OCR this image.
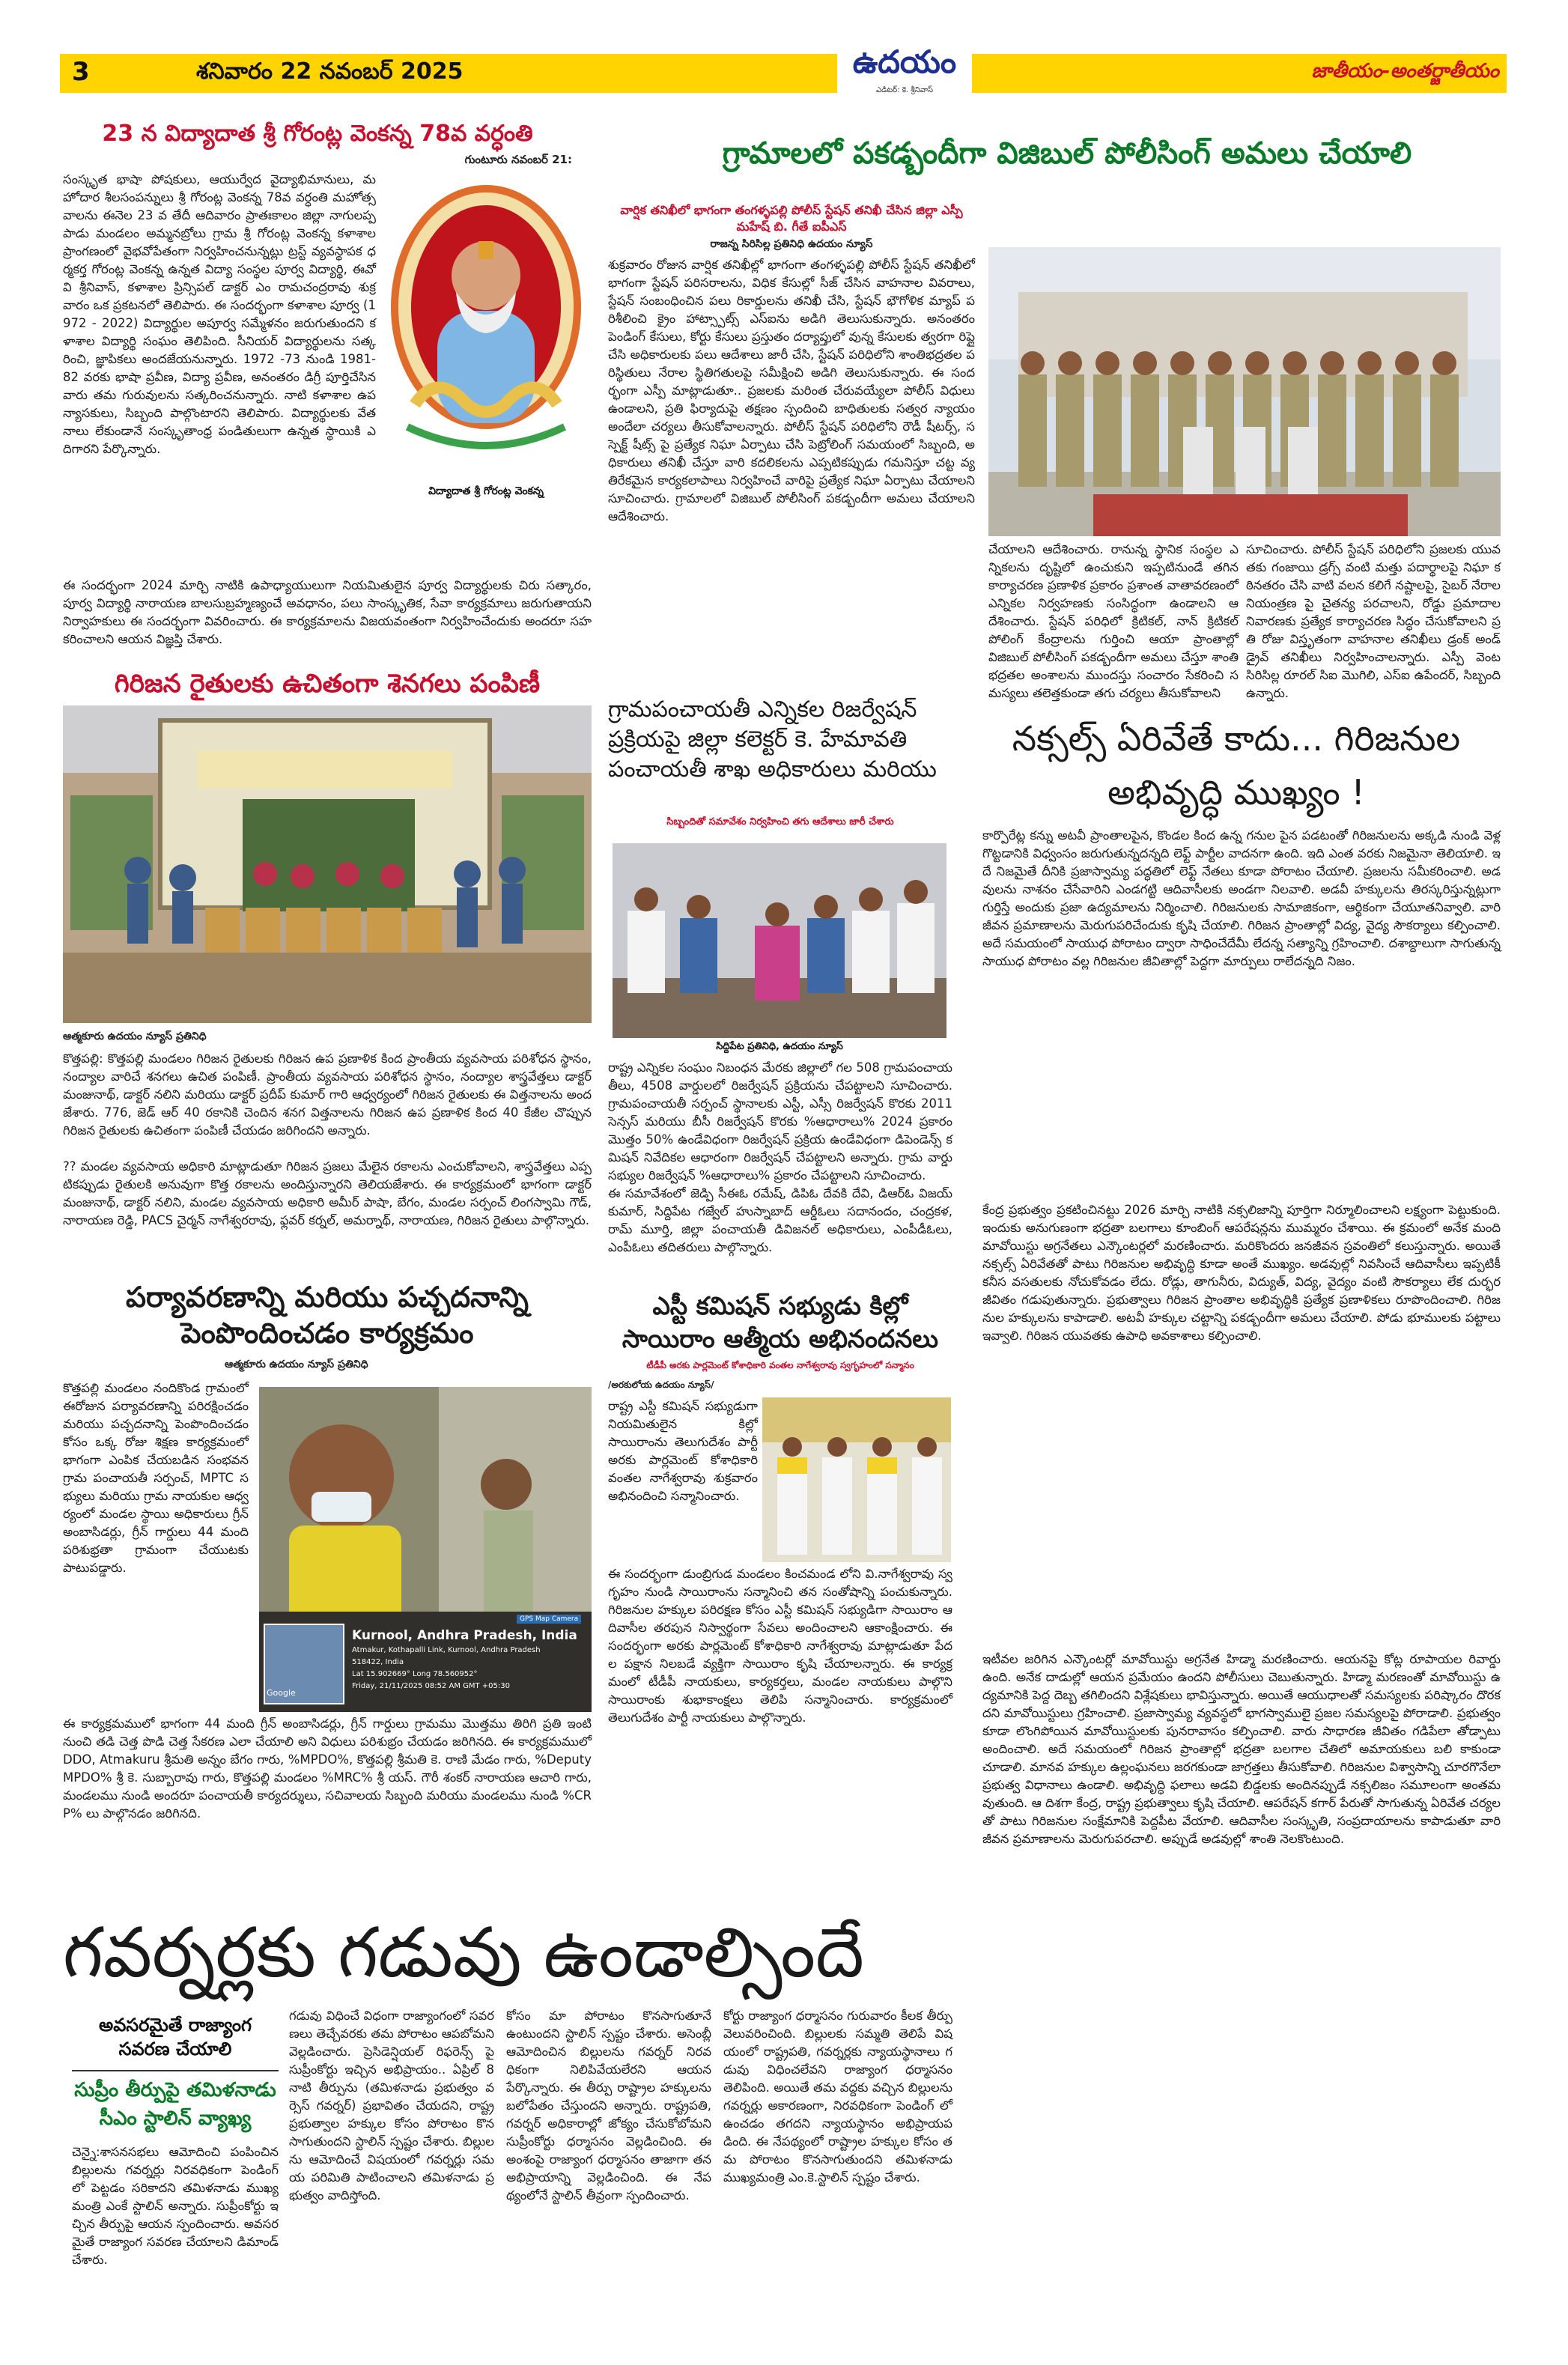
3	శనివారం 22 నవంబర్ 2025	ఉదయం
ఎడిటర్: కె. శ్రీనివాస్
జాతీయం-అంతర్జాతీయం
23 న విద్యాదాత శ్రీ గోరంట్ల వెంకన్న 78వ వర్ధంతి
గుంటూరు నవంబర్ 21:
సంస్కృత భాషా పోషకులు, ఆయుర్వేద వైద్యాభిమానులు, మహోదార శీలసంపన్నులు శ్రీ గోరంట్ల వెంకన్న 78వ వర్ధంతి మహోత్సవాలను ఈనెల 23 వ తేదీ ఆదివారం ప్రాతఃకాలం జిల్లా నాగులప్పపాడు మండలం అమ్మనబ్రోలు గ్రామ శ్రీ గోరంట్ల వెంకన్న కళాశాల ప్రాంగణంలో వైభవోపేతంగా నిర్వహించనున్నట్లు ట్రస్ట్ వ్యవస్థాపక ధర్మకర్త గోరంట్ల వెంకన్న ఉన్నత విద్యా సంస్థల పూర్వ విద్యార్థి, ఈవో వి శ్రీనివాస్, కళాశాల ప్రిన్సిపల్ డాక్టర్ ఎం రామచంద్రరావు శుక్రవారం ఒక ప్రకటనలో తెలిపారు. ఈ సందర్భంగా కళాశాల పూర్వ (1972 - 2022) విద్యార్థుల అపూర్వ సమ్మేళనం జరుగుతుందని కళాశాల విద్యార్థి సంఘం తెలిపింది. సీనియర్ విద్యార్థులను సత్కరించి, జ్ఞాపికలు అందజేయనున్నారు. 1972 -73 నుండి 1981- 82 వరకు భాషా ప్రవీణ, విద్యా ప్రవీణ, అనంతరం డిగ్రీ పూర్తిచేసిన వారు తమ గురువులను సత్కరించనున్నారు. నాటి కళాశాల ఉపన్యాసకులు, సిబ్బంది పాల్గొంటారని తెలిపారు. విద్యార్థులకు వేతనాలు లేకుండానే సంస్కృతాంధ్ర పండితులుగా ఉన్నత స్థాయికి ఎదిగారని పేర్కొన్నారు.
విద్యాదాత శ్రీ గోరంట్ల వెంకన్న
ఈ సందర్భంగా 2024 మార్చి నాటికి ఉపాధ్యాయులుగా నియమితులైన పూర్వ విద్యార్థులకు చిరు సత్కారం, పూర్వ విద్యార్థి నారాయణ బాలసుబ్రహ్మణ్యంచే అవధానం, పలు సాంస్కృతిక, సేవా కార్యక్రమాలు జరుగుతాయని నిర్వాహకులు ఈ సందర్భంగా వివరించారు. ఈ కార్యక్రమాలను విజయవంతంగా నిర్వహించేందుకు అందరూ సహకరించాలని ఆయన విజ్ఞప్తి చేశారు.
గిరిజన రైతులకు ఉచితంగా శెనగలు పంపిణీ
ఆత్మకూరు ఉదయం న్యూస్ ప్రతినిధి
కొత్తపల్లి: కొత్తపల్లి మండలం గిరిజన రైతులకు గిరిజన ఉప ప్రణాళిక కింద ప్రాంతీయ వ్యవసాయ పరిశోధన స్థానం, నంద్యాల వారిచే శనగలు ఉచిత పంపిణీ. ప్రాంతీయ వ్యవసాయ పరిశోధన స్థానం, నంద్యాల శాస్త్రవేత్తలు డాక్టర్ మంజునాథ్, డాక్టర్ నలిని మరియు డాక్టర్ ప్రదీప్ కుమార్ గారి ఆధ్వర్యంలో గిరిజన రైతులకు ఈ విత్తనాలను అందజేశారు. 776, జెడ్ ఆర్ 40 రకానికి చెందిన శనగ విత్తనాలను గిరిజన ఉప ప్రణాళిక కింద 40 కేజీల చొప్పున గిరిజన రైతులకు ఉచితంగా పంపిణీ చేయడం జరిగిందని అన్నారు.
?? మండల వ్యవసాయ అధికారి మాట్లాడుతూ గిరిజన ప్రజలు మేలైన రకాలను ఎంచుకోవాలని, శాస్త్రవేత్తలు ఎప్పటికప్పుడు రైతులకి అనువుగా కొత్త రకాలను అందిస్తున్నారని తెలియజేశారు. ఈ కార్యక్రమంలో భాగంగా డాక్టర్ మంజునాథ్, డాక్టర్ నలిని, మండల వ్యవసాయ అధికారి అమీర్ పాషా, బేగం, మండల సర్పంచ్ లింగస్వామి గౌడ్, నారాయణ రెడ్డి, PACS చైర్మన్ నాగేశ్వరరావు, ఫ్లవర్ కర్నల్, అమర్నాథ్, నారాయణ, గిరిజన రైతులు పాల్గొన్నారు.
పర్యావరణాన్ని మరియు పచ్చదనాన్ని పెంపొందించడం కార్యక్రమం
ఆత్మకూరు ఉదయం న్యూస్ ప్రతినిధి
కొత్తపల్లి మండలం నందికొండ గ్రామంలో ఈరోజున పర్యావరణాన్ని పరిరక్షించడం మరియు పచ్చదనాన్ని పెంపొందించడం కోసం ఒక్క రోజు శిక్షణ కార్యక్రమంలో భాగంగా ఎంపిక చేయబడిన సంభవన గ్రామ పంచాయతీ సర్పంచ్, MPTC సభ్యులు మరియు గ్రామ నాయకుల ఆధ్వర్యంలో మండల స్థాయి అధికారులు గ్రీన్ అంబాసిడర్లు, గ్రీన్ గార్డులు 44 మంది పరిశుభ్రతా గ్రామంగా చేయుటకు పాటుపడ్డారు.
GPS Map Camera
Google
Kurnool, Andhra Pradesh, India
Atmakur, Kothapalli Link, Kurnool, Andhra Pradesh
518422, India
Lat 15.902669° Long 78.560952°
Friday, 21/11/2025 08:52 AM GMT +05:30
ఈ కార్యక్రమములో భాగంగా 44 మంది గ్రీన్ అంబాసిడర్లు, గ్రీన్ గార్డులు గ్రామము మొత్తము తిరిగి ప్రతి ఇంటి నుంచి తడి చెత్త పొడి చెత్త సేకరణ ఎలా చేయాలి అని విధులు పరిశుభ్రం చేయడం జరిగినది. ఈ కార్యక్రమములో DDO, Atmakuru శ్రీమతి అన్నం బేగం గారు, %MPDO%, కొత్తపల్లి శ్రీమతి కె. రాణి మేడం గారు, %Deputy MPDO% శ్రీ కె. సుబ్బారావు గారు, కొత్తపల్లి మండలం %MRC% శ్రీ యస్. గౌరీ శంకర్ నారాయణ ఆచారి గారు, మండలము నుండి అందరూ పంచాయతీ కార్యదర్శులు, సచివాలయ సిబ్బంది మరియు మండలము నుండి %CRP% లు పాల్గొనడం జరిగినది.
గ్రామాలలో పకడ్బందీగా విజిబుల్ పోలీసింగ్ అమలు చేయాలి
వార్షిక తనిఖీలో భాగంగా తంగళ్ళపల్లి పోలీస్ స్టేషన్ తనిఖీ చేసిన జిల్లా ఎస్పీ మహేష్ బి. గీతే ఐపీఎస్
రాజన్న సిరిసిల్ల ప్రతినిధి ఉదయం న్యూస్
శుక్రవారం రోజున వార్షిక తనిఖీల్లో భాగంగా తంగళ్ళపల్లి పోలీస్ స్టేషన్ తనిఖీలో భాగంగా స్టేషన్ పరిసరాలను, విధిక కేసుల్లో సీజ్ చేసిన వాహనాల వివరాలు, స్టేషన్ సంబంధించిన పలు రికార్డులను తనిఖీ చేసి, స్టేషన్ భౌగోళిక మ్యాప్ పరిశీలించి క్రైం హాట్స్పాట్స్ ఎస్ఐను అడిగి తెలుసుకున్నారు. అనంతరం పెండింగ్ కేసులు, కోర్టు కేసులు ప్రస్తుతం దర్యాప్తులో వున్న కేసులకు త్వరగా రిప్లై చేసి అధికారులకు పలు ఆదేశాలు జారీ చేసి, స్టేషన్ పరిధిలోని శాంతిభద్రతల పరిస్థితులు నేరాల స్థితిగతులపై సమీక్షించి అడిగి తెలుసుకున్నారు. ఈ సందర్భంగా ఎస్పీ మాట్లాడుతూ.. ప్రజలకు మరింత చేరువయ్యేలా పోలీస్ విధులు ఉండాలని, ప్రతి ఫిర్యాదుపై తక్షణం స్పందించి బాధితులకు సత్వర న్యాయం అందేలా చర్యలు తీసుకోవాలన్నారు. పోలీస్ స్టేషన్ పరిధిలోని రౌడీ షీటర్స్, సస్పెక్ట్ షీట్స్ పై ప్రత్యేక నిఘా ఏర్పాటు చేసి పెట్రోలింగ్ సమయంలో సిబ్బంది, అధికారులు తనిఖీ చేస్తూ వారి కదలికలను ఎప్పటికప్పుడు గమనిస్తూ చట్ట వ్యతిరేకమైన కార్యకలాపాలు నిర్వహించే వారిపై ప్రత్యేక నిఘా ఏర్పాటు చేయాలని సూచించారు. గ్రామాలలో విజిబుల్ పోలీసింగ్ పకడ్బందీగా అమలు చేయాలని ఆదేశించారు.
చేయాలని ఆదేశించారు. రానున్న స్థానిక సంస్థల ఎన్నికలను దృష్టిలో ఉంచుకుని ఇప్పటినుండే తగిన కార్యాచరణ ప్రణాళిక ప్రకారం ప్రశాంత వాతావరణంలో ఎన్నికల నిర్వహణకు సంసిద్ధంగా ఉండాలని ఆదేశించారు. స్టేషన్ పరిధిలో క్రిటికల్, నాన్ క్రిటికల్ పోలింగ్ కేంద్రాలను గుర్తించి ఆయా ప్రాంతాల్లో విజిబుల్ పోలీసింగ్ పకడ్బందీగా అమలు చేస్తూ శాంతి భద్రతల అంశాలను ముందస్తు సంచారం సేకరించి సమస్యలు తలెత్తకుండా తగు చర్యలు తీసుకోవాలని
సూచించారు. పోలీస్ స్టేషన్ పరిధిలోని ప్రజలకు యువతకు గంజాయి డ్రగ్స్ వంటి మత్తు పదార్థాలపై నిఘా కఠినతరం చేసి వాటి వలన కలిగే నష్టాలపై, సైబర్ నేరాల నియంత్రణ పై చైతన్య పరచాలని, రోడ్డు ప్రమాదాల నివారణకు ప్రత్యేక కార్యాచరణ సిద్ధం చేసుకోవాలని ప్రతి రోజు విస్తృతంగా వాహనాల తనిఖీలు డ్రంక్ అండ్ డ్రైవ్ తనిఖీలు నిర్వహించాలన్నారు. ఎస్పీ వెంట సిరిసిల్ల రూరల్ సిఐ మొగిలి, ఎస్ఐ ఉపేందర్, సిబ్బంది ఉన్నారు.
గ్రామపంచాయతీ ఎన్నికల రిజర్వేషన్ ప్రక్రియపై జిల్లా కలెక్టర్ కె. హేమావతి పంచాయతీ శాఖ అధికారులు మరియు
సిబ్బందితో సమావేశం నిర్వహించి తగు ఆదేశాలు జారీ చేశారు
సిద్దిపేట ప్రతినిధి, ఉదయం న్యూస్
రాష్ట్ర ఎన్నికల సంఘం నిబంధన మేరకు జిల్లాలో గల 508 గ్రామపంచాయతీలు, 4508 వార్డులలో రిజర్వేషన్ ప్రక్రియను చేపట్టాలని సూచించారు. గ్రామపంచాయతీ సర్పంచ్ స్థానాలకు ఎస్టీ, ఎస్సీ రిజర్వేషన్ కొరకు 2011 సెన్సస్ మరియు బీసీ రిజర్వేషన్ కొరకు %ఆధారాలు% 2024 ప్రకారం మొత్తం 50% ఉండేవిధంగా రిజర్వేషన్ ప్రక్రియ ఉండేవిధంగా డిపెండెన్స్ కమిషన్ నివేదికల ఆధారంగా రిజర్వేషన్ చేపట్టాలని అన్నారు. గ్రామ వార్డు సభ్యుల రిజర్వేషన్ %ఆధారాలు% ప్రకారం చేపట్టాలని సూచించారు.
ఈ సమావేశంలో జెడ్పి సీఈఓ రమేష్, డిపిఓ దేవకి దేవి, డిఆర్ఓ విజయ్ కుమార్, సిద్దిపేట గజ్వేల్ హుస్నాబాద్ ఆర్డీఓలు సదానందం, చంద్రకళ, రామ్ మూర్తి, జిల్లా పంచాయతీ డివిజనల్ అధికారులు, ఎంపీడీఓలు, ఎంపీఓలు తదితరులు పాల్గొన్నారు.
ఎస్టీ కమిషన్ సభ్యుడు కిల్లో సాయిరాం ఆత్మీయ అభినందనలు
టీడీపీ అరకు పార్లమెంట్ కోశాధికారి వంతల నాగేశ్వరావు స్వగృహంలో సన్మానం
/అరకులోయ ఉదయం న్యూస్/
రాష్ట్ర ఎస్టీ కమిషన్ సభ్యుడుగా నియమితులైన కిల్లో సాయిరాంను తెలుగుదేశం పార్టీ అరకు పార్లమెంట్ కోశాధికారి వంతల నాగేశ్వరావు శుక్రవారం అభినందించి సన్మానించారు.
ఈ సందర్భంగా డుంబ్రిగుడ మండలం కించమండ లోని వి.నాగేశ్వరావు స్వగృహం నుండి సాయిరాంను సన్మానించి తన సంతోషాన్ని పంచుకున్నారు. గిరిజనుల హక్కుల పరిరక్షణ కోసం ఎస్టీ కమిషన్ సభ్యుడిగా సాయిరాం ఆదివాసీల తరపున నిస్వార్థంగా సేవలు అందించాలని ఆకాంక్షించారు. ఈ సందర్భంగా అరకు పార్లమెంట్ కోశాధికారి నాగేశ్వరావు మాట్లాడుతూ పేదల పక్షాన నిలబడే వ్యక్తిగా సాయిరాం కృషి చేయాలన్నారు. ఈ కార్యక్రమంలో టీడీపీ నాయకులు, కార్యకర్తలు, మండల నాయకులు పాల్గొని సాయిరాంకు శుభాకాంక్షలు తెలిపి సన్మానించారు. కార్యక్రమంలో తెలుగుదేశం పార్టీ నాయకులు పాల్గొన్నారు.
నక్సల్స్ ఏరివేతే కాదు... గిరిజనుల అభివృద్ధి ముఖ్యం !
కార్పొరేట్ల కన్ను అటవీ ప్రాంతాలపైన, కొండల కింద ఉన్న గనుల పైన పడటంతో గిరిజనులను అక్కడి నుండి వెళ్లగొట్టడానికి విధ్వంసం జరుగుతున్నదన్నది లెఫ్ట్ పార్టీల వాదనగా ఉంది. ఇది ఎంత వరకు నిజమైనా తెలియాలి. ఇదే నిజమైతే దీనికి ప్రజాస్వామ్య పద్ధతిలో లెఫ్ట్ నేతలు కూడా పోరాటం చేయాలి. ప్రజలను సమీకరించాలి. అడవులను నాశనం చేసేవారిని ఎండగట్టి ఆదివాసీలకు అండగా నిలవాలి. అడవీ హక్కులను తిరస్కరిస్తున్నట్లుగా గుర్తిస్తే అందుకు ప్రజా ఉద్యమాలను నిర్మించాలి. గిరిజనులకు సామాజికంగా, ఆర్థికంగా చేయూతనివ్వాలి. వారి జీవన ప్రమాణాలను మెరుగుపరిచేందుకు కృషి చేయాలి. గిరిజన ప్రాంతాల్లో విద్య, వైద్య సౌకర్యాలు కల్పించాలి. అదే సమయంలో సాయుధ పోరాటం ద్వారా సాధించేదేమీ లేదన్న సత్యాన్ని గ్రహించాలి. దశాబ్దాలుగా సాగుతున్న సాయుధ పోరాటం వల్ల గిరిజనుల జీవితాల్లో పెద్దగా మార్పులు రాలేదన్నది నిజం.
కేంద్ర ప్రభుత్వం ప్రకటించినట్టు 2026 మార్చి నాటికి నక్సలిజాన్ని పూర్తిగా నిర్మూలించాలని లక్ష్యంగా పెట్టుకుంది. ఇందుకు అనుగుణంగా భద్రతా బలగాలు కూంబింగ్ ఆపరేషన్లను ముమ్మరం చేశాయి. ఈ క్రమంలో అనేక మంది మావోయిస్టు అగ్రనేతలు ఎన్కౌంటర్లలో మరణించారు. మరికొందరు జనజీవన స్రవంతిలో కలుస్తున్నారు. అయితే నక్సల్స్ ఏరివేతతో పాటు గిరిజనుల అభివృద్ధి కూడా అంతే ముఖ్యం. అడవుల్లో నివసించే ఆదివాసీలు ఇప్పటికీ కనీస వసతులకు నోచుకోవడం లేదు. రోడ్లు, తాగునీరు, విద్యుత్, విద్య, వైద్యం వంటి సౌకర్యాలు లేక దుర్భర జీవితం గడుపుతున్నారు. ప్రభుత్వాలు గిరిజన ప్రాంతాల అభివృద్ధికి ప్రత్యేక ప్రణాళికలు రూపొందించాలి. గిరిజనుల హక్కులను కాపాడాలి. అటవీ హక్కుల చట్టాన్ని పకడ్బందీగా అమలు చేయాలి. పోడు భూములకు పట్టాలు ఇవ్వాలి. గిరిజన యువతకు ఉపాధి అవకాశాలు కల్పించాలి.
ఇటీవల జరిగిన ఎన్కౌంటర్లో మావోయిస్టు అగ్రనేత హిడ్మా మరణించారు. ఆయనపై కోట్ల రూపాయల రివార్డు ఉంది. అనేక దాడుల్లో ఆయన ప్రమేయం ఉందని పోలీసులు చెబుతున్నారు. హిడ్మా మరణంతో మావోయిస్టు ఉద్యమానికి పెద్ద దెబ్బ తగిలిందని విశ్లేషకులు భావిస్తున్నారు. అయితే ఆయుధాలతో సమస్యలకు పరిష్కారం దొరకదని మావోయిస్టులు గ్రహించాలి. ప్రజాస్వామ్య వ్యవస్థలో భాగస్వాములై ప్రజల సమస్యలపై పోరాడాలి. ప్రభుత్వం కూడా లొంగిపోయిన మావోయిస్టులకు పునరావాసం కల్పించాలి. వారు సాధారణ జీవితం గడిపేలా తోడ్పాటు అందించాలి. అదే సమయంలో గిరిజన ప్రాంతాల్లో భద్రతా బలగాల చేతిలో అమాయకులు బలి కాకుండా చూడాలి. మానవ హక్కుల ఉల్లంఘనలు జరగకుండా జాగ్రత్తలు తీసుకోవాలి. గిరిజనుల విశ్వాసాన్ని చూరగొనేలా ప్రభుత్వ విధానాలు ఉండాలి. అభివృద్ధి ఫలాలు అడవి బిడ్డలకు అందినప్పుడే నక్సలిజం సమూలంగా అంతమవుతుంది. ఆ దిశగా కేంద్ర, రాష్ట్ర ప్రభుత్వాలు కృషి చేయాలి. ఆపరేషన్ కగార్ పేరుతో సాగుతున్న ఏరివేత చర్యలతో పాటు గిరిజనుల సంక్షేమానికి పెద్దపీట వేయాలి. ఆదివాసీల సంస్కృతి, సంప్రదాయాలను కాపాడుతూ వారి జీవన ప్రమాణాలను మెరుగుపరచాలి. అప్పుడే అడవుల్లో శాంతి నెలకొంటుంది.
గవర్నర్లకు గడువు ఉండాల్సిందే
అవసరమైతే రాజ్యాంగ సవరణ చేయాలి
సుప్రీం తీర్పుపై తమిళనాడు సీఎం స్టాలిన్ వ్యాఖ్య
చెన్నై:శాసనసభలు ఆమోదించి పంపించిన బిల్లులను గవర్నర్లు నిరవధికంగా పెండింగ్ లో పెట్టడం సరికాదని తమిళనాడు ముఖ్యమంత్రి ఎంకే స్టాలిన్ అన్నారు. సుప్రీంకోర్టు ఇచ్చిన తీర్పుపై ఆయన స్పందించారు. అవసరమైతే రాజ్యాంగ సవరణ చేయాలని డిమాండ్ చేశారు.
గడువు విధించే విధంగా రాజ్యాంగంలో సవరణలు తెచ్చేవరకు తమ పోరాటం ఆపబోమని వెల్లడించారు. ప్రెసిడెన్షియల్ రిఫరెన్స్ పై సుప్రీంకోర్టు ఇచ్చిన అభిప్రాయం.. ఏప్రిల్ 8 నాటి తీర్పును (తమిళనాడు ప్రభుత్వం వర్సెస్ గవర్నర్) ప్రభావితం చేయదని, రాష్ట్ర ప్రభుత్వాల హక్కుల కోసం పోరాటం కొనసాగుతుందని స్టాలిన్ స్పష్టం చేశారు. బిల్లులను ఆమోదించే విషయంలో గవర్నర్లు సమయ పరిమితి పాటించాలని తమిళనాడు ప్రభుత్వం వాదిస్తోంది.
కోసం మా పోరాటం కొనసాగుతూనే ఉంటుందని స్టాలిన్ స్పష్టం చేశారు. అసెంబ్లీ ఆమోదించిన బిల్లులను గవర్నర్ నిరవధికంగా నిలిపివేయలేరని ఆయన పేర్కొన్నారు. ఈ తీర్పు రాష్ట్రాల హక్కులను బలోపేతం చేస్తుందని అన్నారు. రాష్ట్రపతి, గవర్నర్ అధికారాల్లో జోక్యం చేసుకోబోమని సుప్రీంకోర్టు ధర్మాసనం వెల్లడించింది. ఈ అంశంపై రాజ్యాంగ ధర్మాసనం తాజాగా తన అభిప్రాయాన్ని వెల్లడించింది. ఈ నేపథ్యంలోనే స్టాలిన్ తీవ్రంగా స్పందించారు.
కోర్టు రాజ్యాంగ ధర్మాసనం గురువారం కీలక తీర్పు వెలువరించింది. బిల్లులకు సమ్మతి తెలిపే విషయంలో రాష్ట్రపతి, గవర్నర్లకు న్యాయస్థానాలు గడువు విధించలేవని రాజ్యాంగ ధర్మాసనం తెలిపింది. అయితే తమ వద్దకు వచ్చిన బిల్లులను గవర్నర్లు అకారణంగా, నిరవధికంగా పెండింగ్ లో ఉంచడం తగదని న్యాయస్థానం అభిప్రాయపడింది. ఈ నేపథ్యంలో రాష్ట్రాల హక్కుల కోసం తమ పోరాటం కొనసాగుతుందని తమిళనాడు ముఖ్యమంత్రి ఎం.కె.స్టాలిన్ స్పష్టం చేశారు.
